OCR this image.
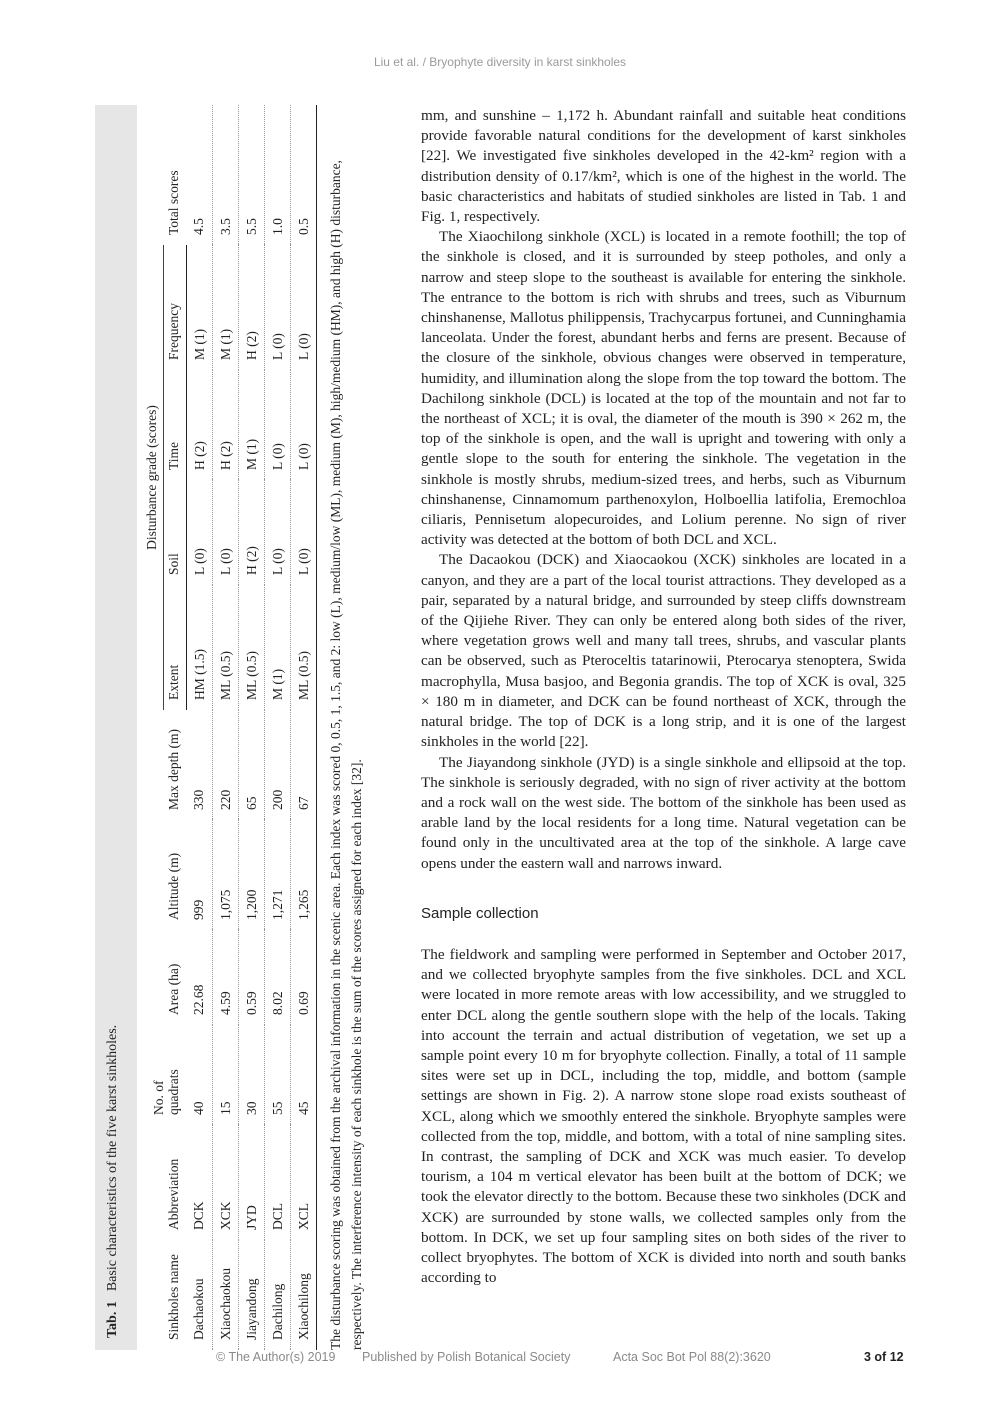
Liu et al. / Bryophyte diversity in karst sinkholes
Tab. 1Basic characteristics of the five karst sinkholes.
Sinkholes name	Abbreviation	No. of quadrats	Area (ha)	Altitude (m)	Max depth (m)	Disturbance grade (scores)				Total scores
						Extent	Soil	Time	Frequency	
Dachaokou	DCK	40	22.68	999	330	HM (1.5)	L (0)	H (2)	M (1)	4.5
Xiaochaokou	XCK	15	4.59	1,075	220	ML (0.5)	L (0)	H (2)	M (1)	3.5
Jiayandong	JYD	30	0.59	1,200	65	ML (0.5)	H (2)	M (1)	H (2)	5.5
Dachilong	DCL	55	8.02	1,271	200	M (1)	L (0)	L (0)	L (0)	1.0
Xiaochilong	XCL	45	0.69	1,265	67	ML (0.5)	L (0)	L (0)	L (0)	0.5 The disturbance scoring was obtained from the archival information in the scenic area. Each index was scored 0, 0.5, 1, 1.5, and 2: low (L), medium/low (ML), medium (M), high/medium (HM), and high (H) disturbance, respectively. The interference intensity of each sinkhole is the sum of the scores assigned for each index [32].

mm, and sunshine – 1,172 h. Abundant rainfall and suitable heat conditions provide favorable natural conditions for the development of karst sinkholes [22]. We investigated five sinkholes developed in the 42-km² region with a distribution density of 0.17/km², which is one of the highest in the world. The basic characteristics and habitats of studied sinkholes are listed in Tab. 1 and Fig. 1, respectively.

The Xiaochilong sinkhole (XCL) is located in a remote foothill; the top of the sinkhole is closed, and it is surrounded by steep potholes, and only a narrow and steep slope to the southeast is available for entering the sinkhole. The entrance to the bottom is rich with shrubs and trees, such as Viburnum chinshanense, Mallotus philippensis, Trachycarpus fortunei, and Cunninghamia lanceolata. Under the forest, abundant herbs and ferns are present. Because of the closure of the sinkhole, obvious changes were observed in temperature, humidity, and illumination along the slope from the top toward the bottom. The Dachilong sinkhole (DCL) is located at the top of the mountain and not far to the northeast of XCL; it is oval, the diameter of the mouth is 390 × 262 m, the top of the sinkhole is open, and the wall is upright and towering with only a gentle slope to the south for entering the sinkhole. The vegetation in the sinkhole is mostly shrubs, medium-sized trees, and herbs, such as Viburnum chinshanense, Cinnamomum parthenoxylon, Holboellia latifolia, Eremochloa ciliaris, Pennisetum alopecuroides, and Lolium perenne. No sign of river activity was detected at the bottom of both DCL and XCL.

The Dacaokou (DCK) and Xiaocaokou (XCK) sinkholes are located in a canyon, and they are a part of the local tourist attractions. They developed as a pair, separated by a natural bridge, and surrounded by steep cliffs downstream of the Qijiehe River. They can only be entered along both sides of the river, where vegetation grows well and many tall trees, shrubs, and vascular plants can be observed, such as Pteroceltis tatarinowii, Pterocarya stenoptera, Swida macrophylla, Musa basjoo, and Begonia grandis. The top of XCK is oval, 325 × 180 m in diameter, and DCK can be found northeast of XCK, through the natural bridge. The top of DCK is a long strip, and it is one of the largest sinkholes in the world [22].

The Jiayandong sinkhole (JYD) is a single sinkhole and ellipsoid at the top. The sinkhole is seriously degraded, with no sign of river activity at the bottom and a rock wall on the west side. The bottom of the sinkhole has been used as arable land by the local residents for a long time. Natural vegetation can be found only in the uncultivated area at the top of the sinkhole. A large cave opens under the eastern wall and narrows inward.

Sample collection

The fieldwork and sampling were performed in September and October 2017, and we collected bryophyte samples from the five sinkholes. DCL and XCL were located in more remote areas with low accessibility, and we struggled to enter DCL along the gentle southern slope with the help of the locals. Taking into account the terrain and actual distribution of vegetation, we set up a sample point every 10 m for bryophyte collection. Finally, a total of 11 sample sites were set up in DCL, including the top, middle, and bottom (sample settings are shown in Fig. 2). A narrow stone slope road exists southeast of XCL, along which we smoothly entered the sinkhole. Bryophyte samples were collected from the top, middle, and bottom, with a total of nine sampling sites. In contrast, the sampling of DCK and XCK was much easier. To develop tourism, a 104 m vertical elevator has been built at the bottom of DCK; we took the elevator directly to the bottom. Because these two sinkholes (DCK and XCK) are surrounded by stone walls, we collected samples only from the bottom. In DCK, we set up four sampling sites on both sides of the river to collect bryophytes. The bottom of XCK is divided into north and south banks according to

© The Author(s) 2019 Published by Polish Botanical Society	Acta Soc Bot Pol 88(2):3620	3 of 12
